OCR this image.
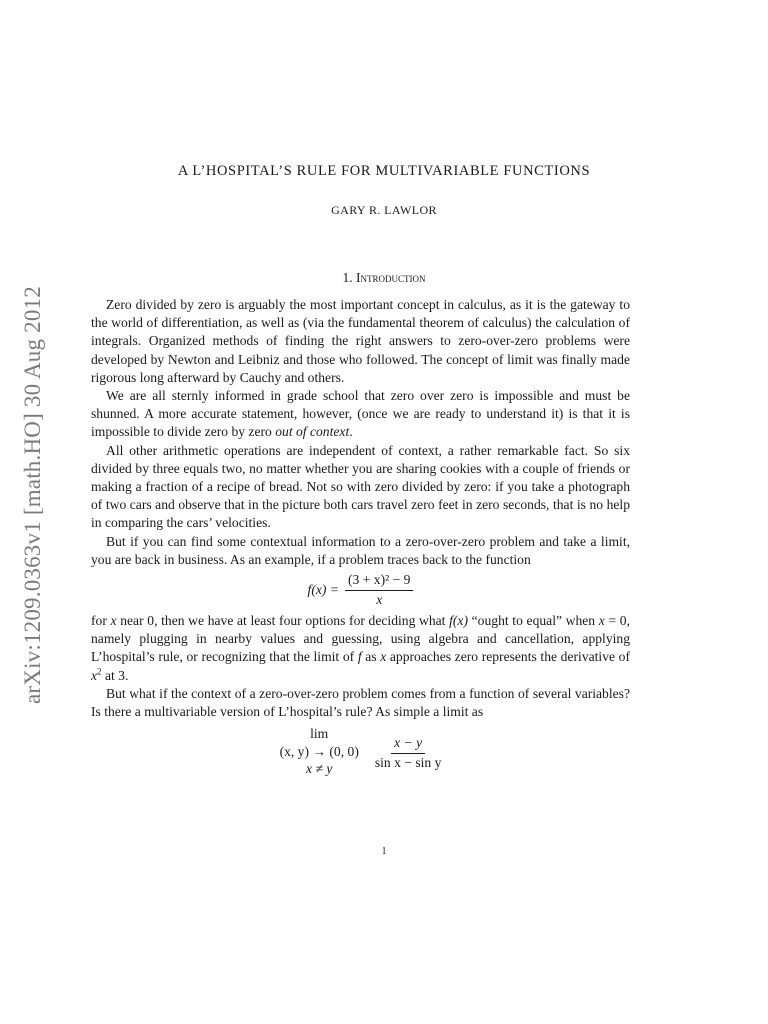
arXiv:1209.0363v1 [math.HO] 30 Aug 2012
A L’HOSPITAL’S RULE FOR MULTIVARIABLE FUNCTIONS
GARY R. LAWLOR
1. Introduction

Zero divided by zero is arguably the most important concept in calculus, as it is the gateway to the world of differentiation, as well as (via the fundamental theorem of calculus) the calculation of integrals. Organized methods of finding the right answers to zero-over-zero problems were developed by Newton and Leibniz and those who followed. The concept of limit was finally made rigorous long afterward by Cauchy and others.

We are all sternly informed in grade school that zero over zero is impossible and must be shunned. A more accurate statement, however, (once we are ready to understand it) is that it is impossible to divide zero by zero out of context.

All other arithmetic operations are independent of context, a rather remarkable fact. So six divided by three equals two, no matter whether you are sharing cookies with a couple of friends or making a fraction of a recipe of bread. Not so with zero divided by zero: if you take a photograph of two cars and observe that in the picture both cars travel zero feet in zero seconds, that is no help in comparing the cars’ velocities.

But if you can find some contextual information to a zero-over-zero problem and take a limit, you are back in business. As an example, if a problem traces back to the function

$f(x) = \frac{\text{(3 + x)² − 9}}{x}$

for x near 0, then we have at least four options for deciding what f(x) “ought to equal” when x = 0, namely plugging in nearby values and guessing, using algebra and cancellation, applying L’hospital’s rule, or recognizing that the limit of f as x approaches zero represents the derivative of $x^2$ at 3.

But what if the context of a zero-over-zero problem comes from a function of several variables? Is there a multivariable version of L’hospital’s rule? As simple a limit as

lim
(x, y) → (0, 0)
x ≠ y	$\frac{x - y}{\text{sin x − sin y}}$
1
